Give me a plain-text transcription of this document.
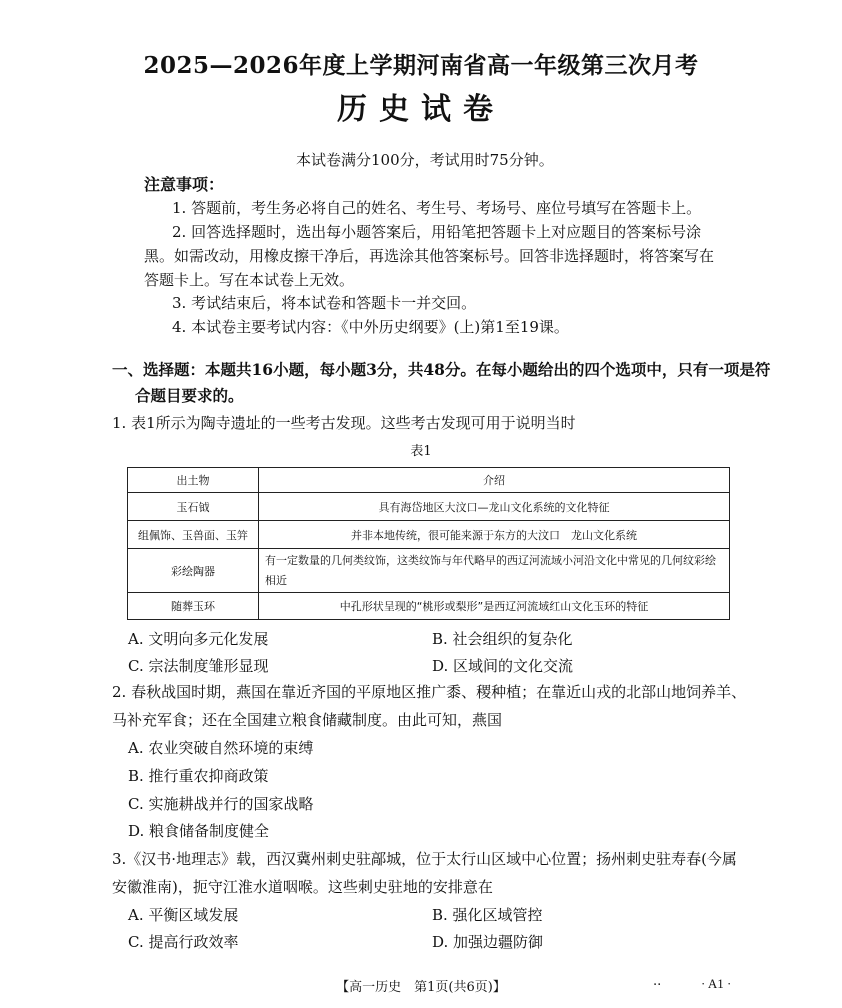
2025—2026年度上学期河南省高一年级第三次月考
历史试卷
本试卷满分100分，考试用时75分钟。
注意事项：
1. 答题前，考生务必将自己的姓名、考生号、考场号、座位号填写在答题卡上。
2. 回答选择题时，选出每小题答案后，用铅笔把答题卡上对应题目的答案标号涂
黑。如需改动，用橡皮擦干净后，再选涂其他答案标号。回答非选择题时，将答案写在
答题卡上。写在本试卷上无效。
3. 考试结束后，将本试卷和答题卡一并交回。
4. 本试卷主要考试内容：《中外历史纲要》(上)第1至19课。
一、选择题：本题共16小题，每小题3分，共48分。在每小题给出的四个选项中，只有一项是符
合题目要求的。
1. 表1所示为陶寺遗址的一些考古发现。这些考古发现可用于说明当时
表1
出土物	介绍
玉石钺	具有海岱地区大汶口—龙山文化系统的文化特征
组佩饰、玉兽面、玉笄	并非本地传统，很可能来源于东方的大汶口　龙山文化系统
彩绘陶器	有一定数量的几何类纹饰，这类纹饰与年代略早的西辽河流域小河沿文化中常见的几何纹彩绘相近
随葬玉环	中孔形状呈现的“桃形或梨形”是西辽河流域红山文化玉环的特征
A. 文明向多元化发展	B. 社会组织的复杂化
C. 宗法制度雏形显现	D. 区域间的文化交流
2. 春秋战国时期，燕国在靠近齐国的平原地区推广黍、稷种植；在靠近山戎的北部山地饲养羊、
马补充军食；还在全国建立粮食储藏制度。由此可知，燕国
A. 农业突破自然环境的束缚
B. 推行重农抑商政策
C. 实施耕战并行的国家战略
D. 粮食储备制度健全
3.《汉书·地理志》载，西汉冀州刺史驻鄗城，位于太行山区域中心位置；扬州刺史驻寿春(今属
安徽淮南)，扼守江淮水道咽喉。这些刺史驻地的安排意在
A. 平衡区域发展	B. 强化区域管控
C. 提高行政效率	D. 加强边疆防御
【高一历史　第1页(共6页)】	..	· A1 ·
